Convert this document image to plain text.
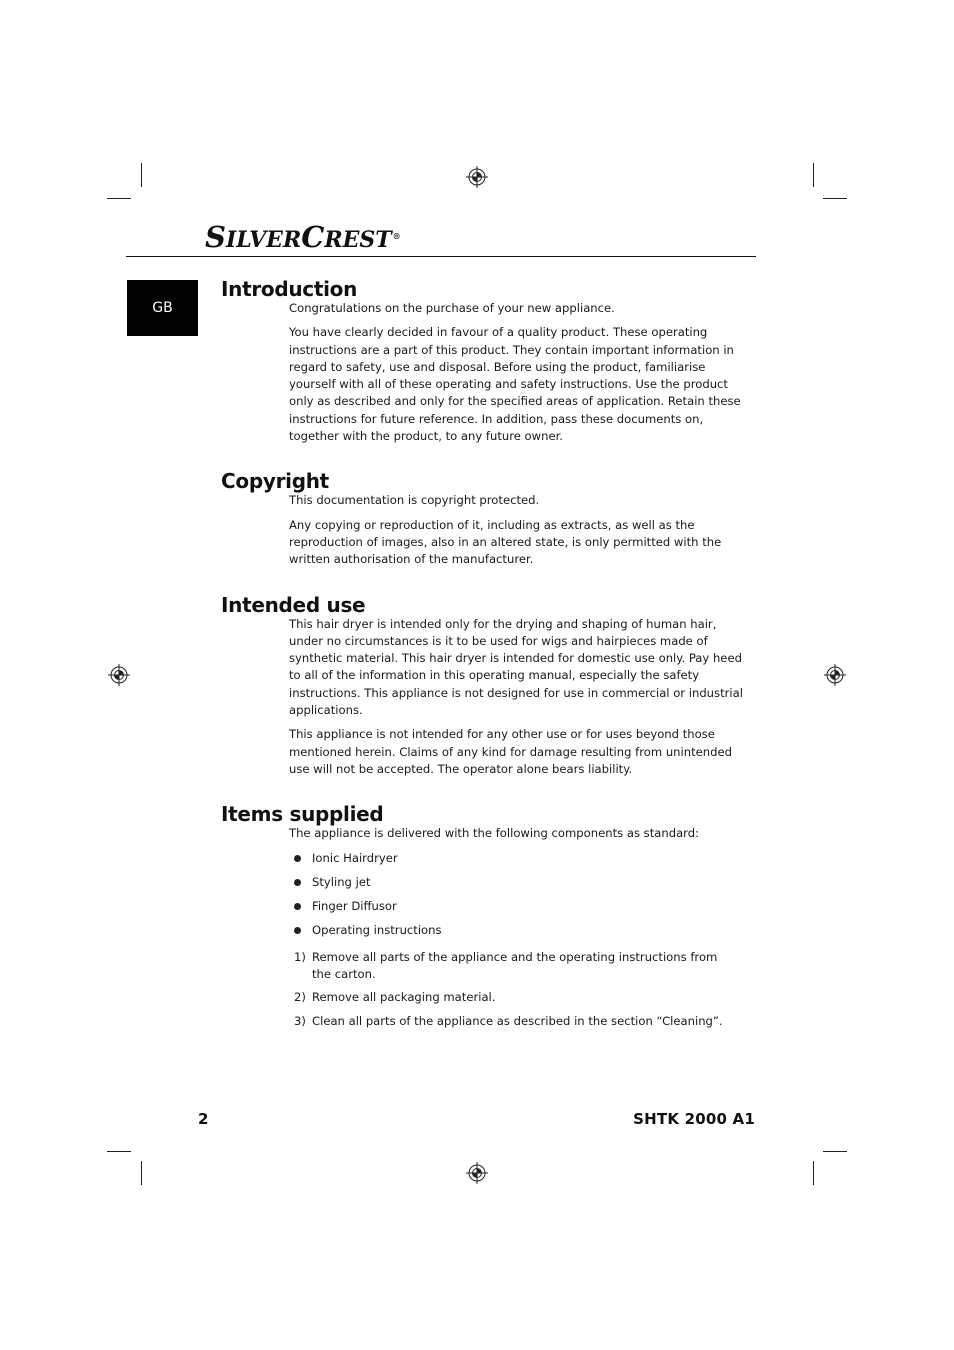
SILVERCREST®
GB
Introduction

Congratulations on the purchase of your new appliance.

You have clearly decided in favour of a quality product. These operating instructions are a part of this product. They contain important information in regard to safety, use and disposal. Before using the product, familiarise yourself with all of these operating and safety instructions. Use the product only as described and only for the specified areas of application. Retain these instructions for future reference. In addition, pass these documents on, together with the product, to any future owner.

Copyright

This documentation is copyright protected.

Any copying or reproduction of it, including as extracts, as well as the reproduction of images, also in an altered state, is only permitted with the written authorisation of the manufacturer.

Intended use

This hair dryer is intended only for the drying and shaping of human hair, under no circumstances is it to be used for wigs and hairpieces made of synthetic material. This hair dryer is intended for domestic use only. Pay heed to all of the information in this operating manual, especially the safety instructions. This appliance is not designed for use in commercial or industrial applications.

This appliance is not intended for any other use or for uses beyond those mentioned herein. Claims of any kind for damage resulting from unintended use will not be accepted. The operator alone bears liability.

Items supplied

The appliance is delivered with the following components as standard:

Ionic Hairdryer
Styling jet
Finger Diffusor
Operating instructions
1) Remove all parts of the appliance and the operating instructions from the carton.
2) Remove all packaging material.
3) Clean all parts of the appliance as described in the section “Cleaning”.
2	SHTK 2000 A1
